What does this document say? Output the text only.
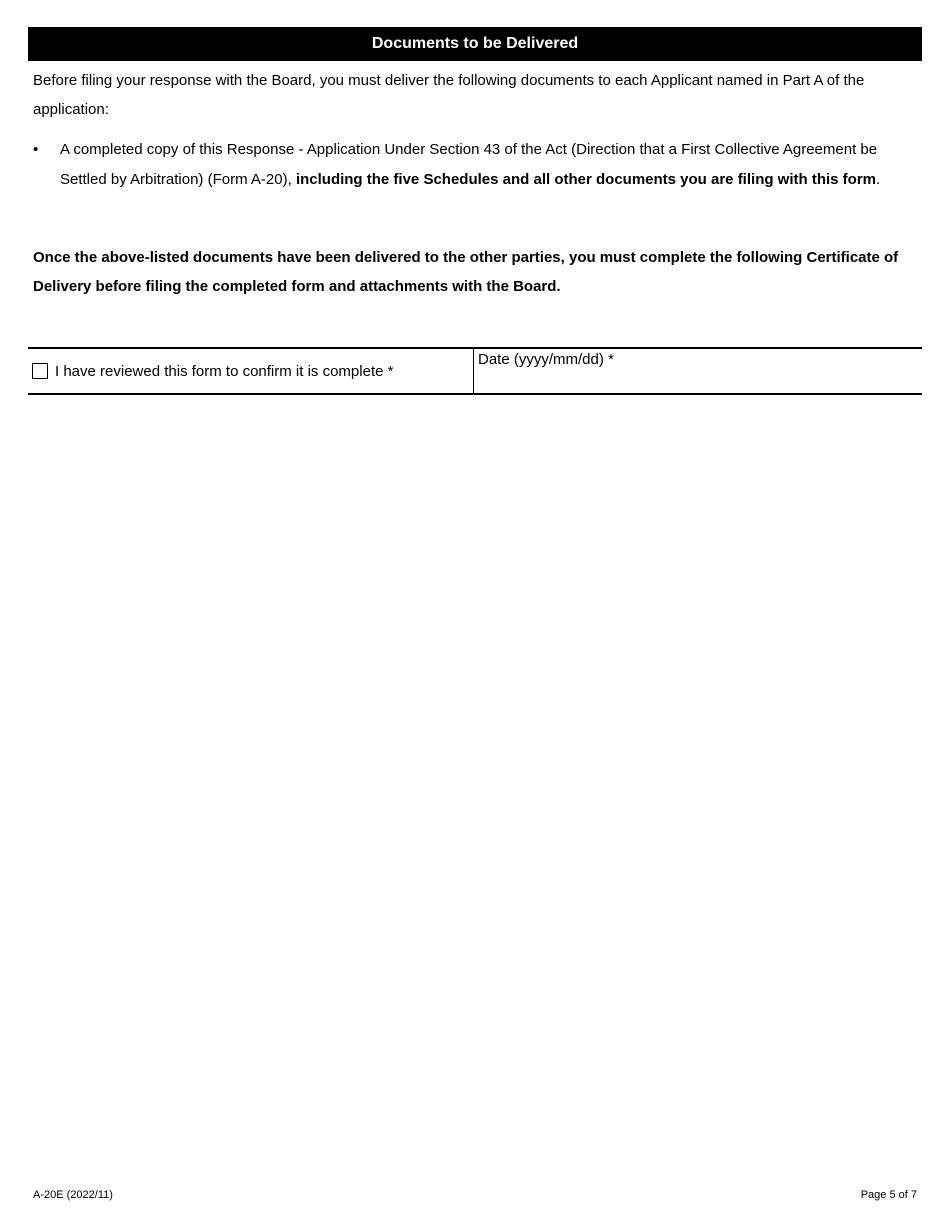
Documents to be Delivered

Before filing your response with the Board, you must deliver the following documents to each Applicant named in Part A of the application:

• A completed copy of this Response - Application Under Section 43 of the Act (Direction that a First Collective Agreement be Settled by Arbitration) (Form A-20), including the five Schedules and all other documents you are filing with this form.

Once the above-listed documents have been delivered to the other parties, you must complete the following Certificate of Delivery before filing the completed form and attachments with the Board.

I have reviewed this form to confirm it is complete *
Date (yyyy/mm/dd) *
A-20E (2022/11)	Page 5 of 7
